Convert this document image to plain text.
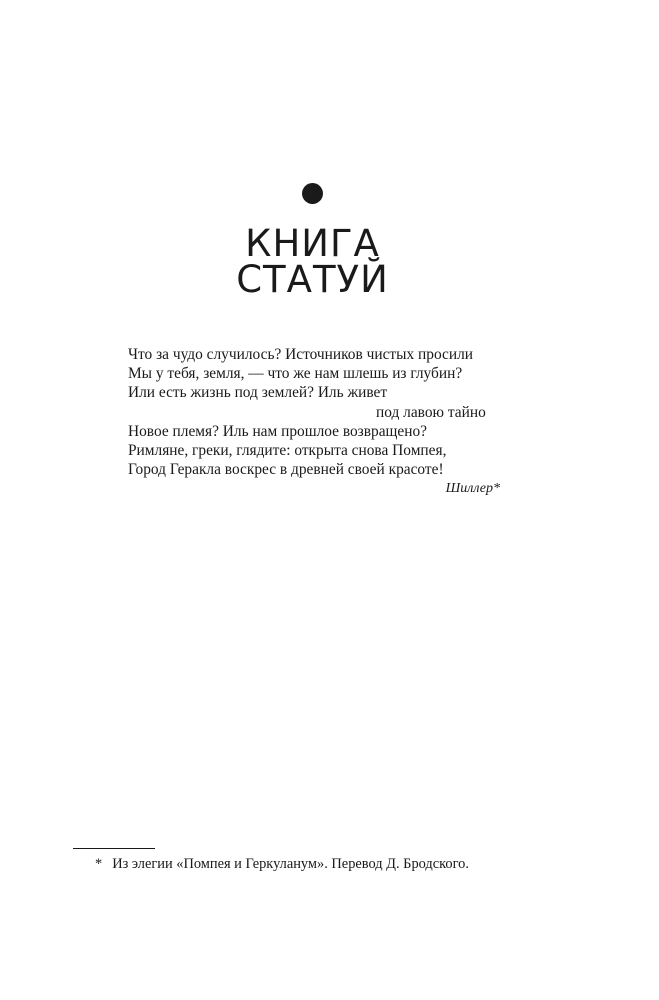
КНИГА
СТАТУЙ
Что за чудо случилось? Источников чистых просили
Мы у тебя, земля, — что же нам шлешь из глубин?
Или есть жизнь под землей? Иль живет
под лавою тайно
Новое племя? Иль нам прошлое возвращено?
Римляне, греки, глядите: открыта снова Помпея,
Город Геракла воскрес в древней своей красоте!
Шиллер*
* Из элегии «Помпея и Геркуланум». Перевод Д. Бродского.
